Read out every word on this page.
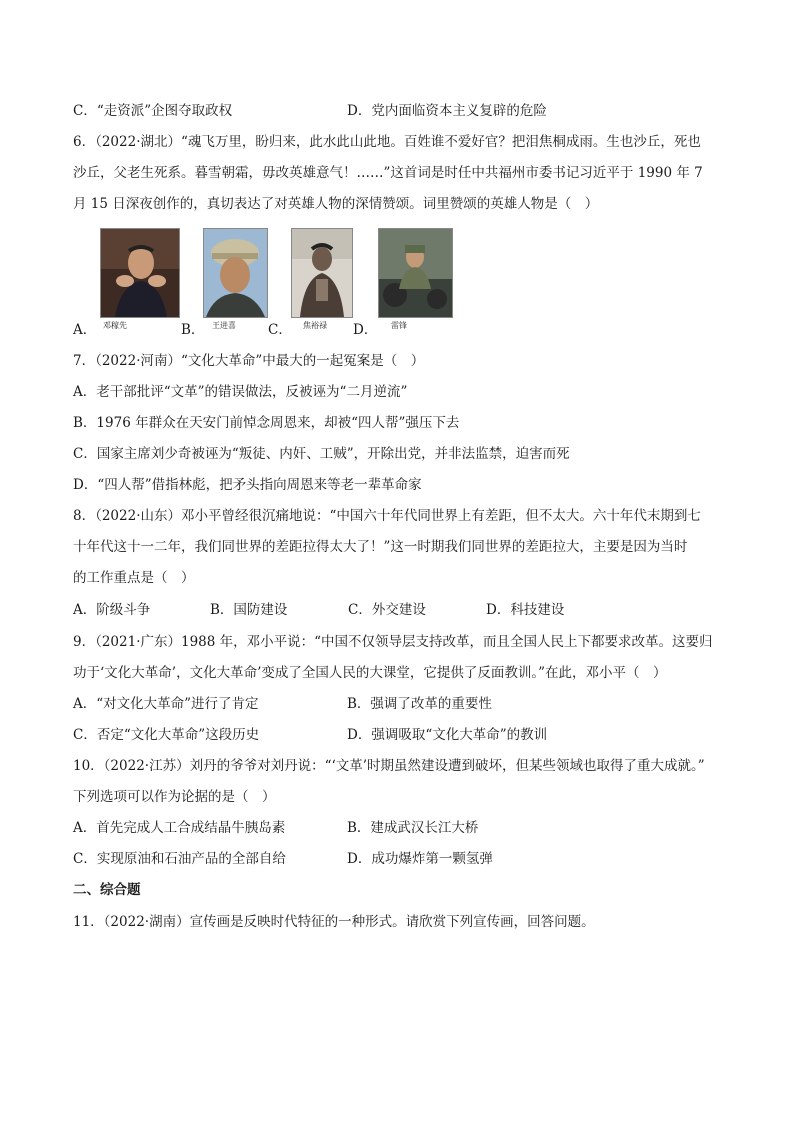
C．“走资派”企图夺取政权	D．党内面临资本主义复辟的危险
6．（2022·湖北）“魂飞万里，盼归来，此水此山此地。百姓谁不爱好官？把泪焦桐成雨。生也沙丘，死也
沙丘，父老生死系。暮雪朝霜，毋改英雄意气！……”这首词是时任中共福州市委书记习近平于 1990 年 7
月 15 日深夜创作的，真切表达了对英雄人物的深情赞颂。词里赞颂的英雄人物是（　）
A． 邓稼先	B． 王进喜 C． 焦裕禄 D． 雷锋
7．（2022·河南）“文化大革命”中最大的一起冤案是（　）
A．老干部批评“文革”的错误做法，反被诬为“二月逆流”
B．1976 年群众在天安门前悼念周恩来，却被“四人帮”强压下去
C．国家主席刘少奇被诬为“叛徒、内奸、工贼”，开除出党，并非法监禁，迫害而死
D．“四人帮”借指林彪，把矛头指向周恩来等老一辈革命家
8．（2022·山东）邓小平曾经很沉痛地说：“中国六十年代同世界上有差距，但不太大。六十年代末期到七
十年代这十一二年，我们同世界的差距拉得太大了！”这一时期我们同世界的差距拉大，主要是因为当时
的工作重点是（　）
A．阶级斗争	B．国防建设	C．外交建设	D．科技建设
9．（2021·广东）1988 年，邓小平说：“中国不仅领导层支持改革，而且全国人民上下都要求改革。这要归
功于‘文化大革命’，文化大革命’变成了全国人民的大课堂，它提供了反面教训。”在此，邓小平（　）
A．“对文化大革命”进行了肯定	B．强调了改革的重要性
C．否定“文化大革命”这段历史	D．强调吸取“文化大革命”的教训
10．（2022·江苏）刘丹的爷爷对刘丹说：“‘文革’时期虽然建设遭到破坏，但某些领域也取得了重大成就。”
下列选项可以作为论据的是（　）
A．首先完成人工合成结晶牛胰岛素	B．建成武汉长江大桥
C．实现原油和石油产品的全部自给	D．成功爆炸第一颗氢弹
二、综合题
11．（2022·湖南）宣传画是反映时代特征的一种形式。请欣赏下列宣传画，回答问题。
